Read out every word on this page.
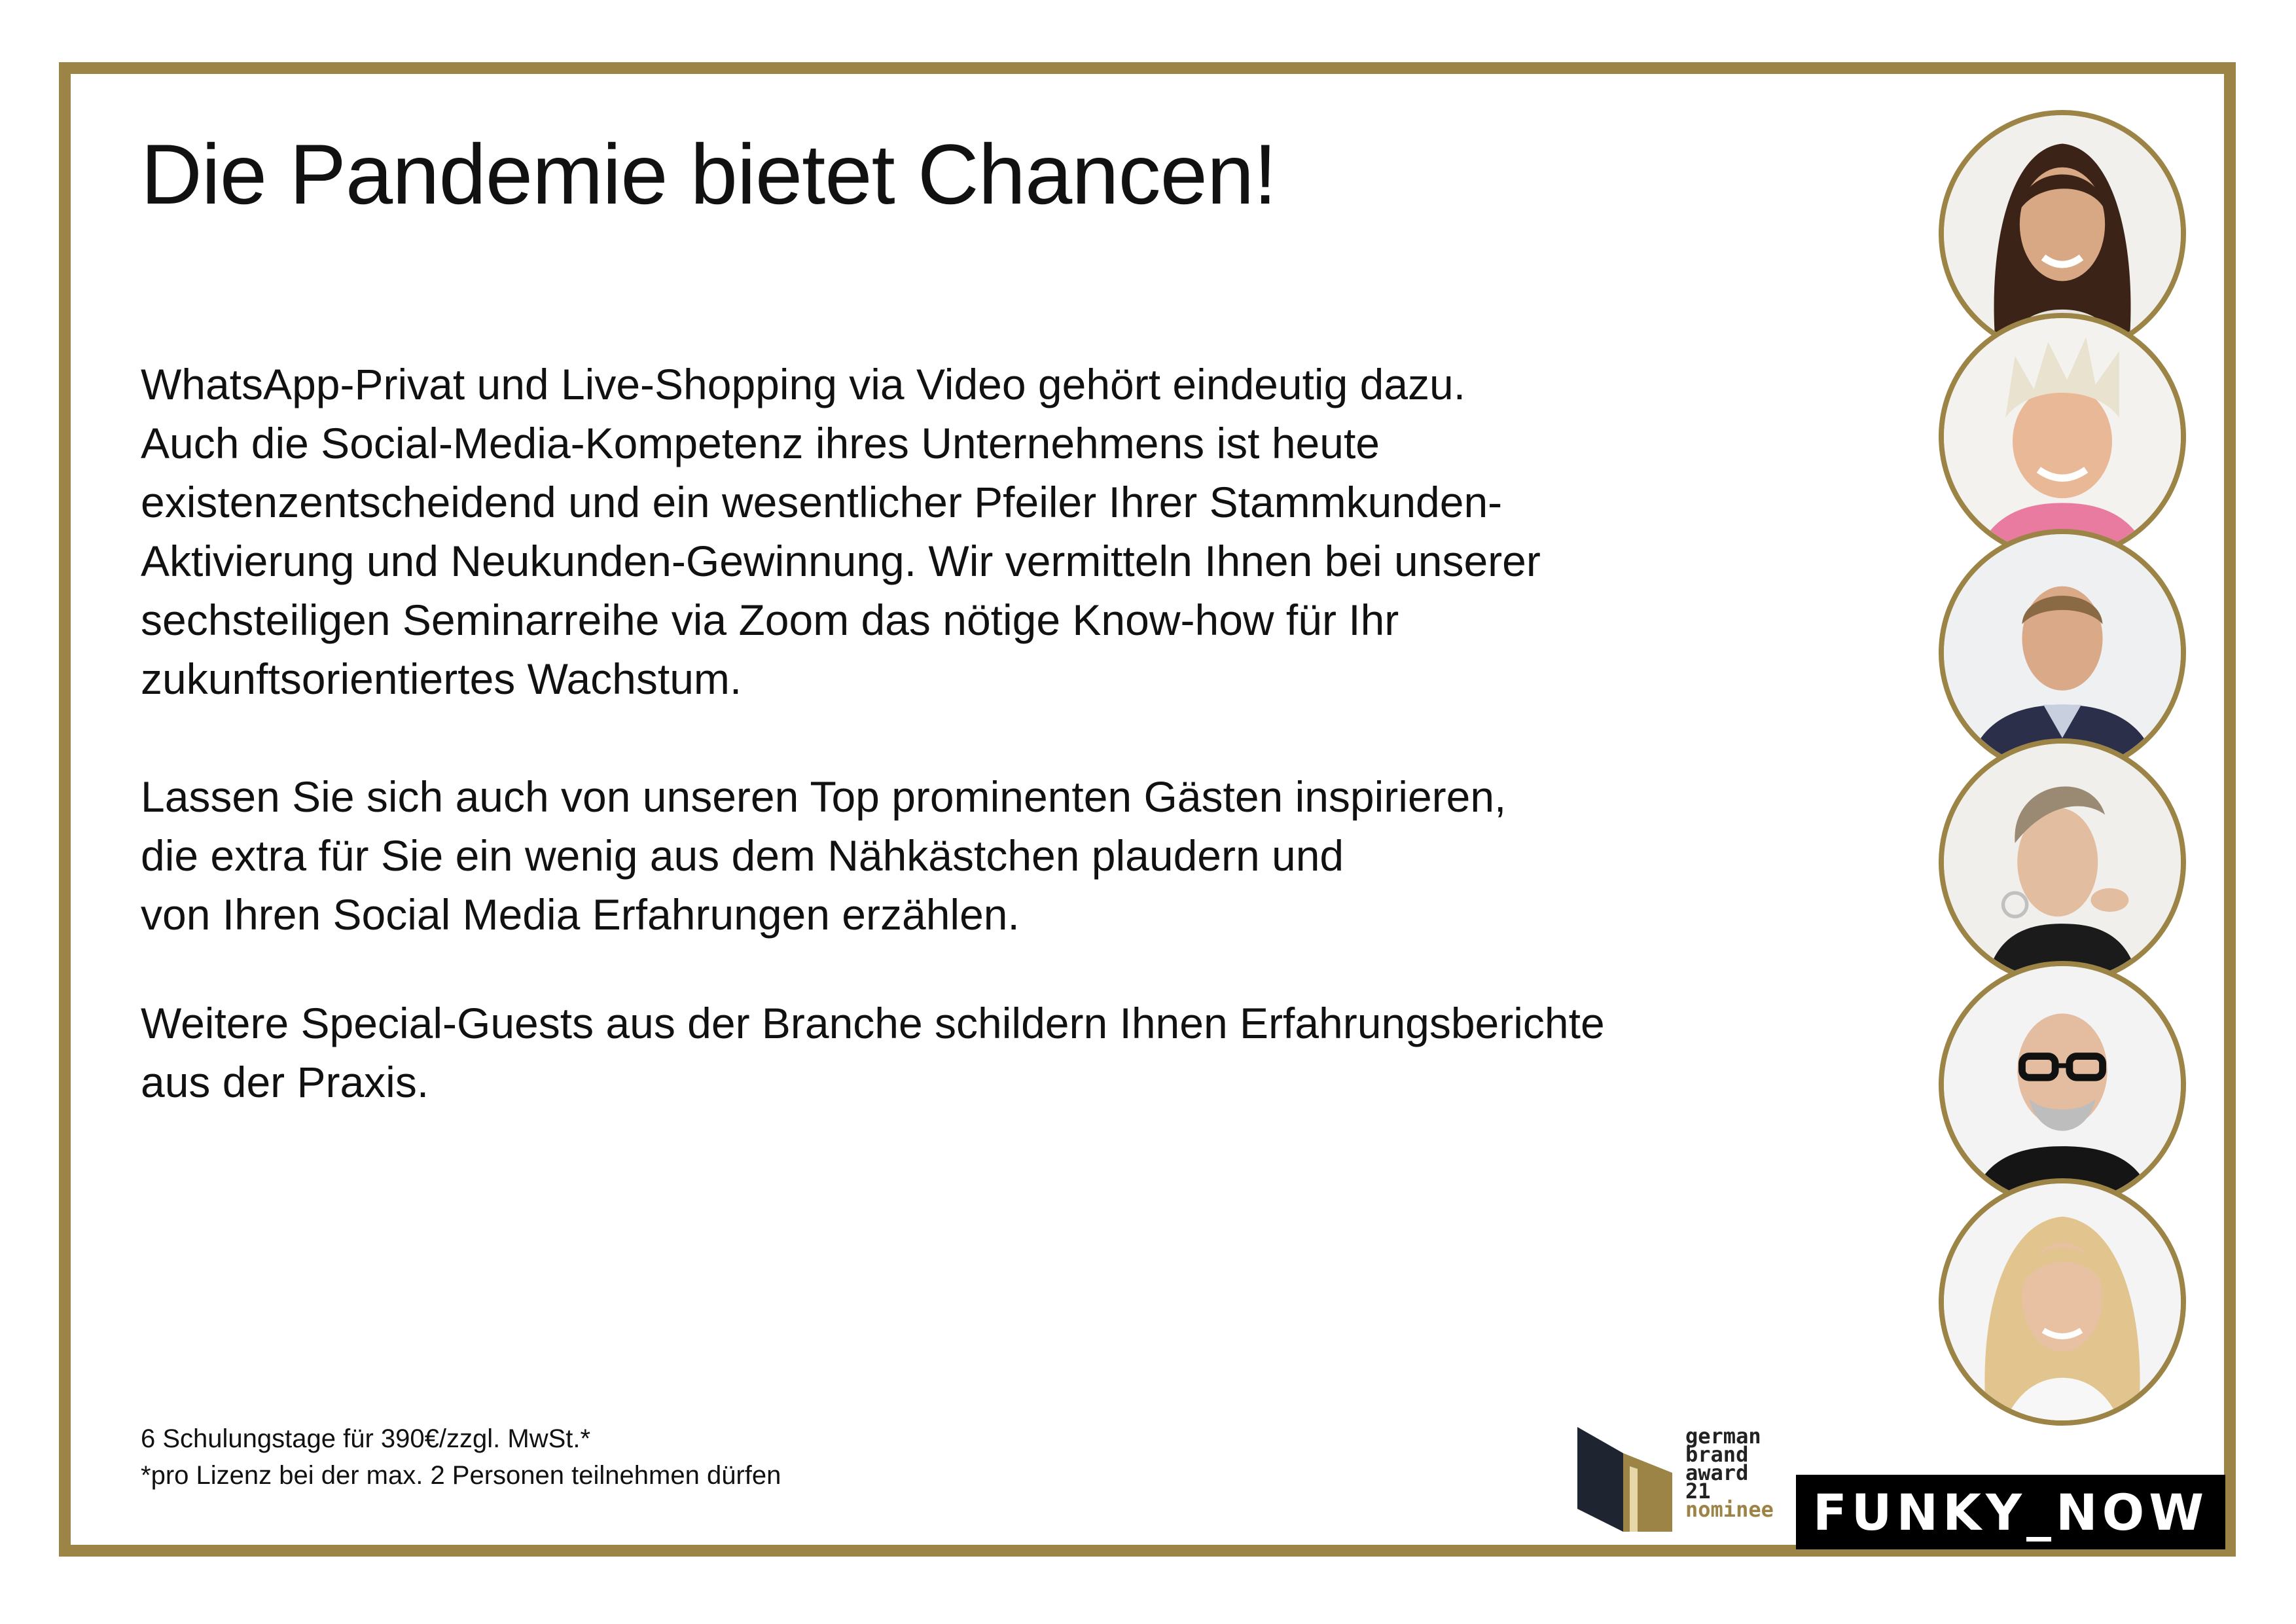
Die Pandemie bietet Chancen!

WhatsApp-Privat und Live-Shopping via Video gehört eindeutig dazu.
Auch die Social-Media-Kompetenz ihres Unternehmens ist heute
existenzentscheidend und ein wesentlicher Pfeiler Ihrer Stammkunden-
Aktivierung und Neukunden-Gewinnung. Wir vermitteln Ihnen bei unserer
sechsteiligen Seminarreihe via Zoom das nötige Know-how für Ihr
zukunftsorientiertes Wachstum.

Lassen Sie sich auch von unseren Top prominenten Gästen inspirieren,
die extra für Sie ein wenig aus dem Nähkästchen plaudern und
von Ihren Social Media Erfahrungen erzählen.

Weitere Special-Guests aus der Branche schildern Ihnen Erfahrungsberichte
aus der Praxis.

6 Schulungstage für 390€/zzgl. MwSt.*
*pro Lizenz bei der max. 2 Personen teilnehmen dürfen
german
brand
award
21
nominee FUNKY_NOW
